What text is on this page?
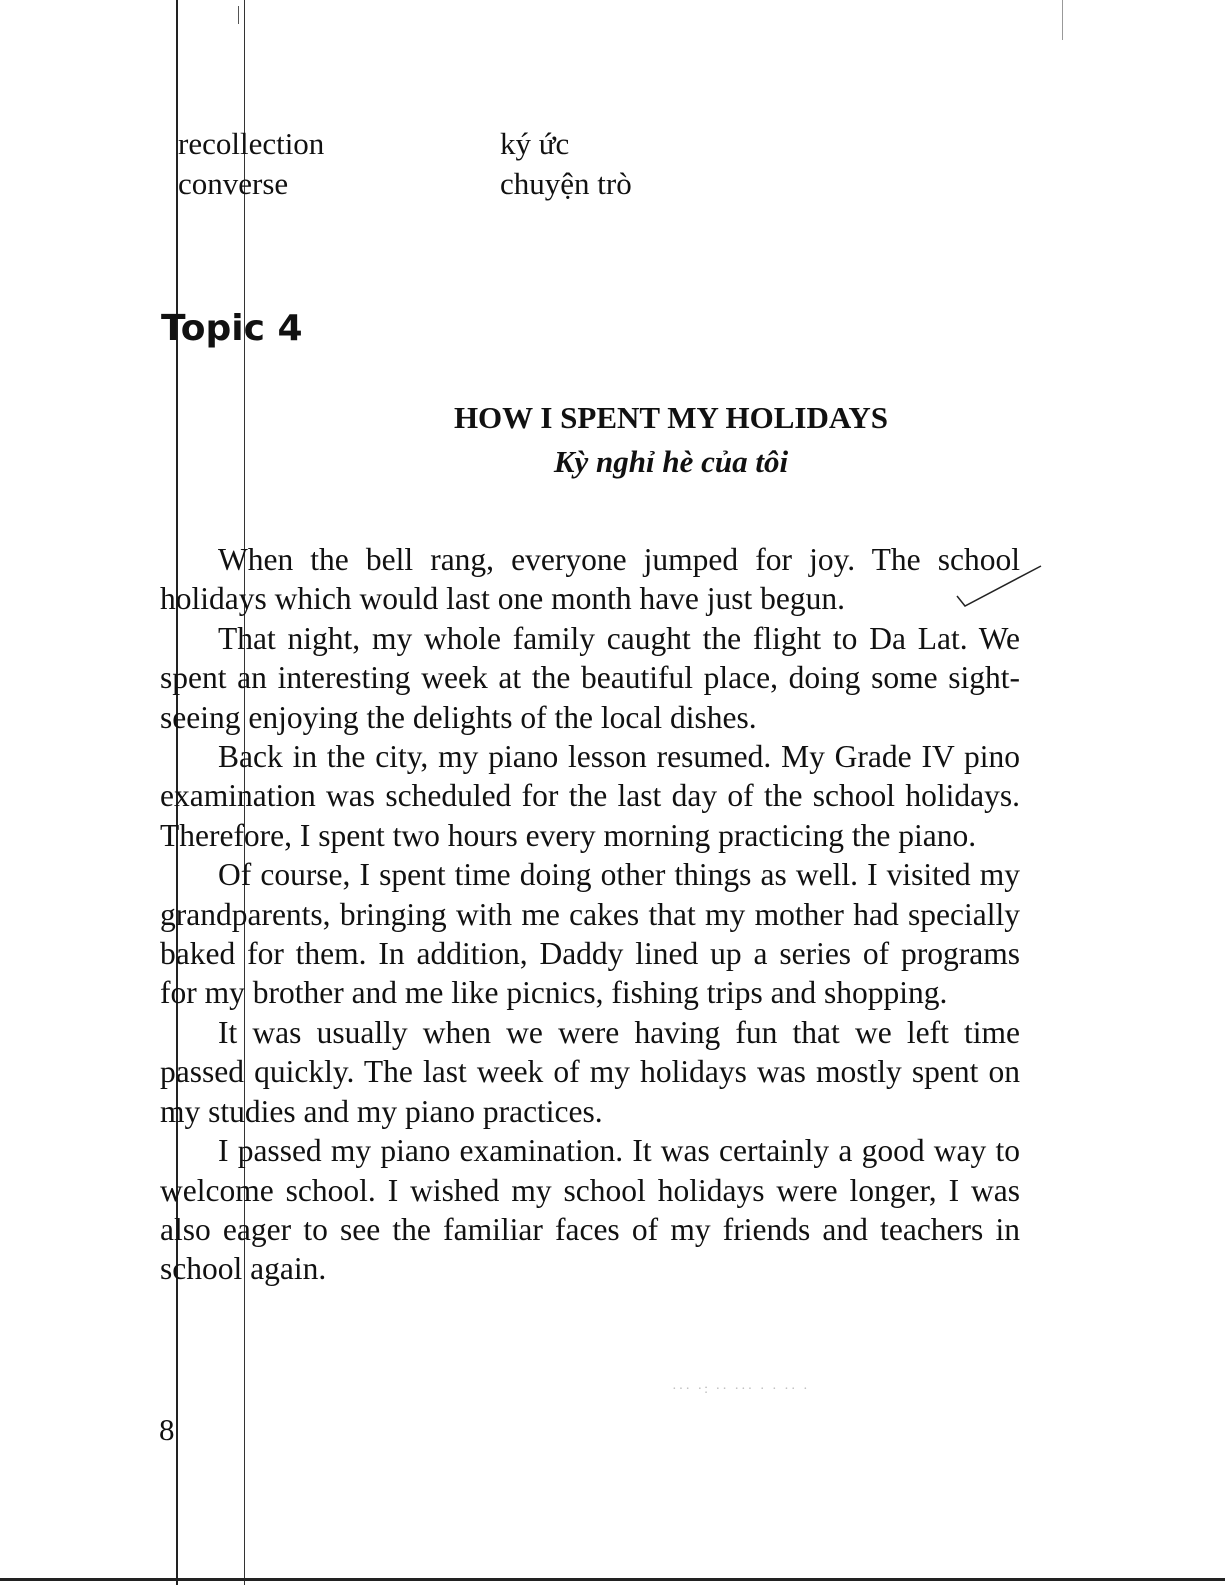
recollection	ký ức
converse	chuyện trò
Topic 4
HOW I SPENT MY HOLIDAYS
Kỳ nghỉ hè của tôi

When the bell rang, everyone jumped for joy. The school holidays which would last one month have just begun.

That night, my whole family caught the flight to Da Lat. We spent an interesting week at the beautiful place, doing some sight-seeing enjoying the delights of the local dishes.

Back in the city, my piano lesson resumed. My Grade IV pino examination was scheduled for the last day of the school holidays. Therefore, I spent two hours every morning practicing the piano.

Of course, I spent time doing other things as well. I visited my grandparents, bringing with me cakes that my mother had specially baked for them. In addition, Daddy lined up a series of programs for my brother and me like picnics, fishing trips and shopping.

It was usually when we were having fun that we left time passed quickly. The last week of my holidays was mostly spent on my studies and my piano practices.

I passed my piano examination. It was certainly a good way to welcome school. I wished my school holidays were longer, I was also eager to see the familiar faces of my friends and teachers in school again.

··· ·: ·· ··· · · ·· ·
8
